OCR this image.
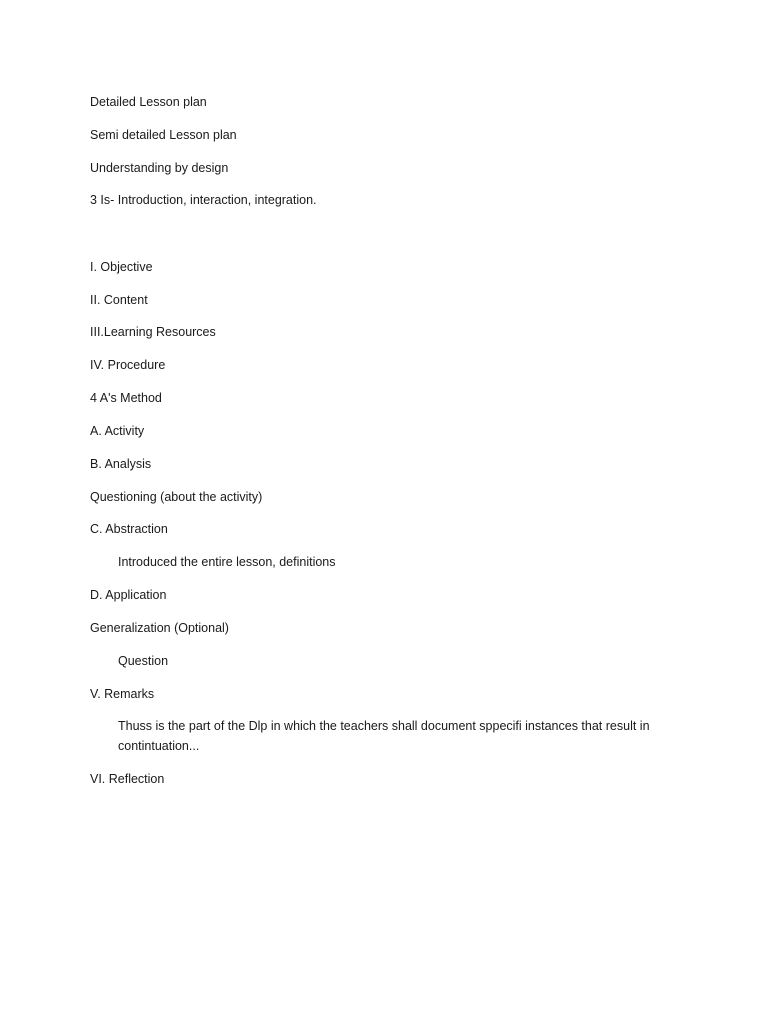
Detailed Lesson plan
Semi detailed Lesson plan
Understanding by design
3 Is- Introduction, interaction, integration.
I. Objective
II. Content
III.Learning Resources
IV. Procedure
4 A's Method
A. Activity
B. Analysis
Questioning (about the activity)
C. Abstraction
Introduced the entire lesson, definitions
D. Application
Generalization (Optional)
Question
V. Remarks
Thuss is the part of the Dlp in which the teachers shall document sppecifi instances that result in contintuation...
VI. Reflection
